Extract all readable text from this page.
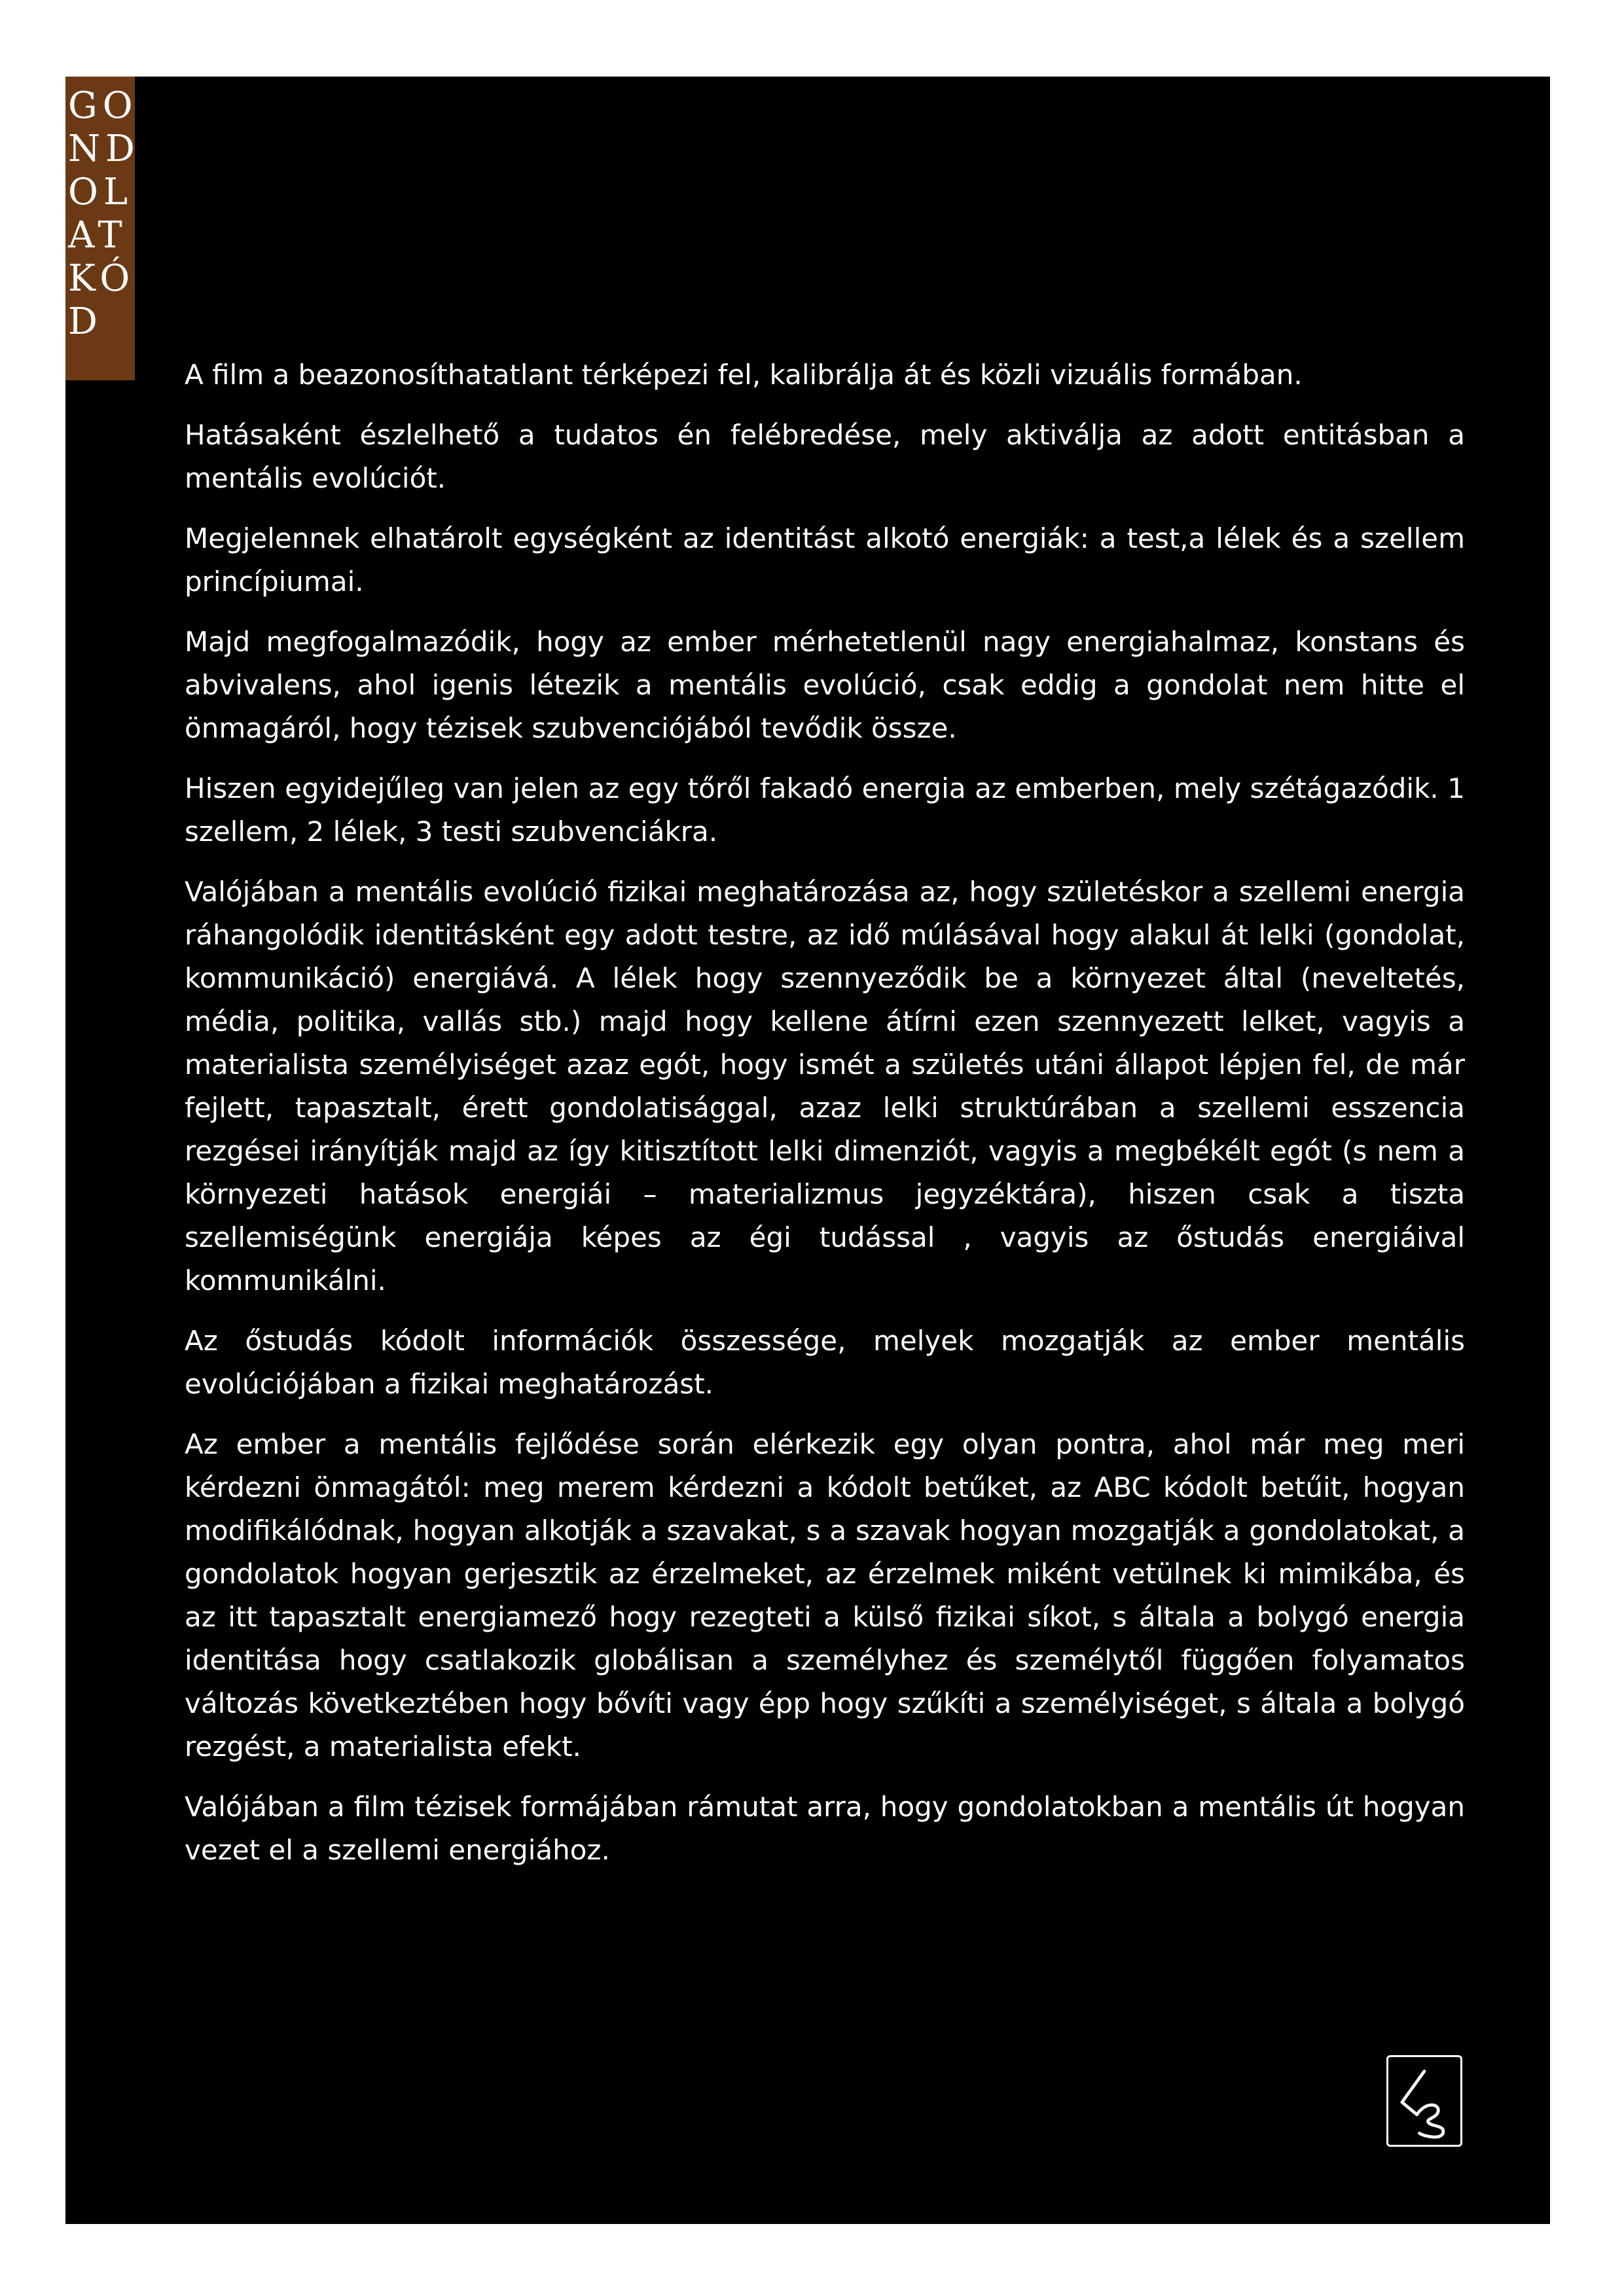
GO
ND
OL
AT
KÓ
D

A film a beazonosíthatatlant térképezi fel, kalibrálja át és közli vizuális formában.

Hatásaként észlelhető a tudatos én felébredése, mely aktiválja az adott entitásban a mentális evolúciót.

Megjelennek elhatárolt egységként az identitást alkotó energiák: a test,a lélek és a szellem princípiumai.

Majd megfogalmazódik, hogy az ember mérhetetlenül nagy energiahalmaz, konstans és abvivalens, ahol igenis létezik a mentális evolúció, csak eddig a gondolat nem hitte el önmagáról, hogy tézisek szubvenciójából tevődik össze.

Hiszen egyidejűleg van jelen az egy tőről fakadó energia az emberben, mely szétágazódik. 1 szellem, 2 lélek, 3 testi szubvenciákra.

Valójában a mentális evolúció fizikai meghatározása az, hogy születéskor a szellemi energia ráhangolódik identitásként egy adott testre, az idő múlásával hogy alakul át lelki (gondolat, kommunikáció) energiává. A lélek hogy szennyeződik be a környezet által (neveltetés, média, politika, vallás stb.) majd hogy kellene átírni ezen szennyezett lelket, vagyis a materialista személyiséget azaz egót, hogy ismét a születés utáni állapot lépjen fel, de már fejlett, tapasztalt, érett gondolatisággal, azaz lelki struktúrában a szellemi esszencia rezgései irányítják majd az így kitisztított lelki dimenziót, vagyis a megbékélt egót (s nem a környezeti hatások energiái – materializmus jegyzéktára), hiszen csak a tiszta szellemiségünk energiája képes az égi tudással , vagyis az őstudás energiáival kommunikálni.

Az őstudás kódolt információk összessége, melyek mozgatják az ember mentális evolúciójában a fizikai meghatározást.

Az ember a mentális fejlődése során elérkezik egy olyan pontra, ahol már meg meri kérdezni önmagától: meg merem kérdezni a kódolt betűket, az ABC kódolt betűit, hogyan modifikálódnak, hogyan alkotják a szavakat, s a szavak hogyan mozgatják a gondolatokat, a gondolatok hogyan gerjesztik az érzelmeket, az érzelmek miként vetülnek ki mimikába, és az itt tapasztalt energiamező hogy rezegteti a külső fizikai síkot, s általa a bolygó energia identitása hogy csatlakozik globálisan a személyhez és személytől függően folyamatos változás következtében hogy bővíti vagy épp hogy szűkíti a személyiséget, s általa a bolygó rezgést, a materialista efekt.

Valójában a film tézisek formájában rámutat arra, hogy gondolatokban a mentális út hogyan vezet el a szellemi energiához.
